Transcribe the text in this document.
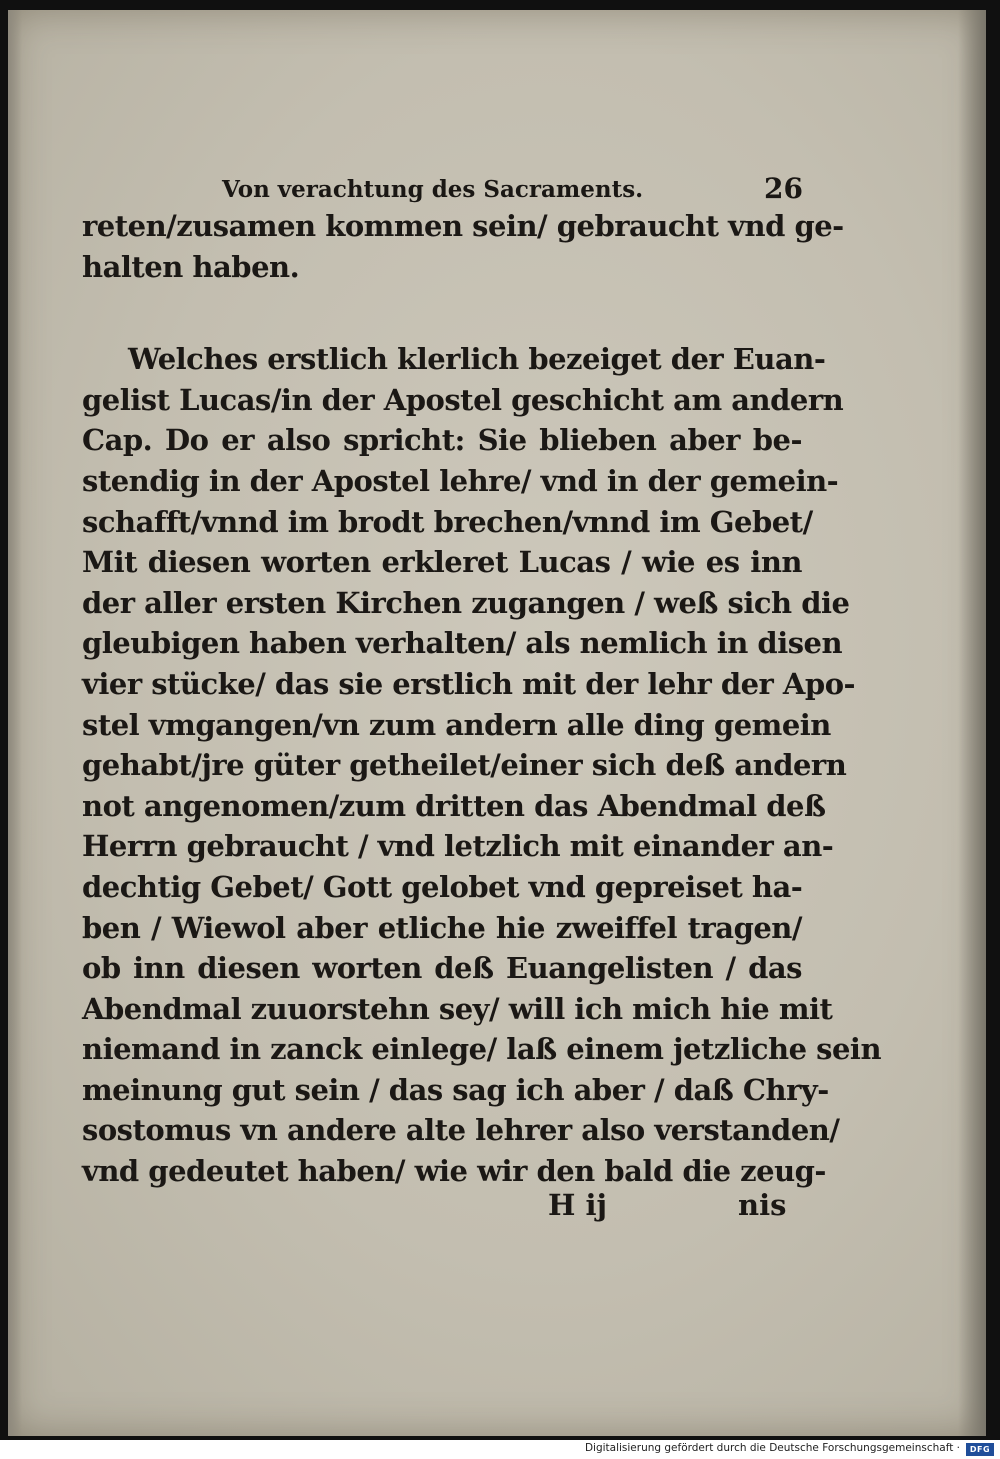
Von verachtung des Sacraments.	26
reten/zusamen kommen sein/ gebraucht vnd ge-
halten haben.
Welches erstlich klerlich bezeiget der Euan-
gelist Lucas/in der Apostel geschicht am andern
Cap. Do er also spricht: Sie blieben aber be-
stendig in der Apostel lehre/ vnd in der gemein-
schafft/vnnd im brodt brechen/vnnd im Gebet/
Mit diesen worten erkleret Lucas / wie es inn
der aller ersten Kirchen zugangen / weß sich die
gleubigen haben verhalten/ als nemlich in disen
vier stücke/ das sie erstlich mit der lehr der Apo-
stel vmgangen/vn zum andern alle ding gemein
gehabt/jre güter getheilet/einer sich deß andern
not angenomen/zum dritten das Abendmal deß
Herrn gebraucht / vnd letzlich mit einander an-
dechtig Gebet/ Gott gelobet vnd gepreiset ha-
ben / Wiewol aber etliche hie zweiffel tragen/
ob inn diesen worten deß Euangelisten / das
Abendmal zuuorstehn sey/ will ich mich hie mit
niemand in zanck einlege/ laß einem jetzliche sein
meinung gut sein / das sag ich aber / daß Chry-
sostomus vn andere alte lehrer also verstanden/
vnd gedeutet haben/ wie wir den bald die zeug-
H ij	nis
Digitalisierung gefördert durch die Deutsche Forschungsgemeinschaft ·	DFG
